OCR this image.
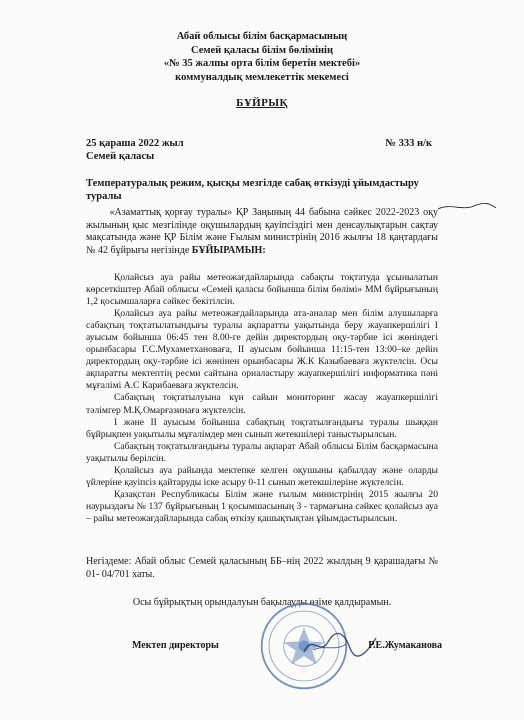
Абай облысы білім басқармасының
Семей қаласы білім бөлімінің
«№ 35 жалпы орта білім беретін мектебі»
коммуналдық мемлекеттік мекемесі
БҰЙРЫҚ
25 қараша 2022 жыл	№ 333 н/к
Семей қаласы
Температуралық режим, қысқы мезгілде сабақ өткізуді ұйымдастыру туралы
«Азаматтық қорғау туралы» ҚР Заңының 44 бабына сәйкес 2022-2023 оқу жылының қыс мезгілінде оқушылардың қауіпсіздігі мен денсаулықтарын сақтау мақсатында және ҚР Білім және Ғылым министрінің 2016 жылғы 18 қаңтардағы № 42 бұйрығы негізінде БҰЙЫРАМЫН:

Қолайсыз ауа райы метеожағдайларында сабақты тоқтатуда ұсынылатын көрсеткіштер Абай облысы «Семей қаласы бойынша білім бөлімі» ММ бұйрығының 1,2 қосымшаларға сәйкес бекітілсін.

Қолайсыз ауа райы метеожағдайларында ата-аналар мен білім алушыларға сабақтың тоқтатылатындығы туралы ақпаратты уақытында беру жауапкершілігі I ауысым бойынша 06:45 тен 8.00-ге дейін директордың оқу-тәрбие ісі жөніндегі орынбасары Г.С.Мухаметхановаға, II ауысым бойынша 11:15-тен 13:00–ке дейін директордың оқу-тәрбие ісі жөнінен орынбасары Ж.К Казыбаеваға жүктелсін. Осы ақпаратты мектептің ресми сайтына орналастыру жауапкершілігі информатика пәні мұғалімі А.С Карибаеваға жүктелсін.

Сабақтың тоқтатылуына күн сайын мониторинг жасау жауапкершілігі тәлімгер М.Қ.Омарғазинаға жүктелсін.

I және II ауысым бойынша сабақтың тоқтатылғандығы туралы шыққан бұйрықпен уақытылы мұғалімдер мен сынып жетекшілері таныстырылсын.

Сабақтың тоқтатылғандығы туралы ақпарат Абай облысы Білім басқармасына уақытылы берілсін.

Қолайсыз ауа райында мектепке келген оқушыны қабылдау және оларды үйлеріне қауіпсіз қайтаруды іске асыру 0-11 сынып жетекшілеріне жүктелсін.

Қазақстан Республикасы Білім және ғылым министрінің 2015 жылғы 20 наурыздағы № 137 бұйрығының 1 қосымшасының 3 - тармағына сәйкес қолайсыз ауа – райы метеожағдайларында сабақ өткізу қашықтықтан ұйымдастырылсын.

Негіздеме: Абай облыс Семей қаласының ББ–нің 2022 жылдың 9 қарашадағы № 01- 04/701 хаты.
Осы бұйрықтың орындалуын бақылауды өзіме қалдырамын.
Мектеп директоры	Р.Е.Жумаканова
